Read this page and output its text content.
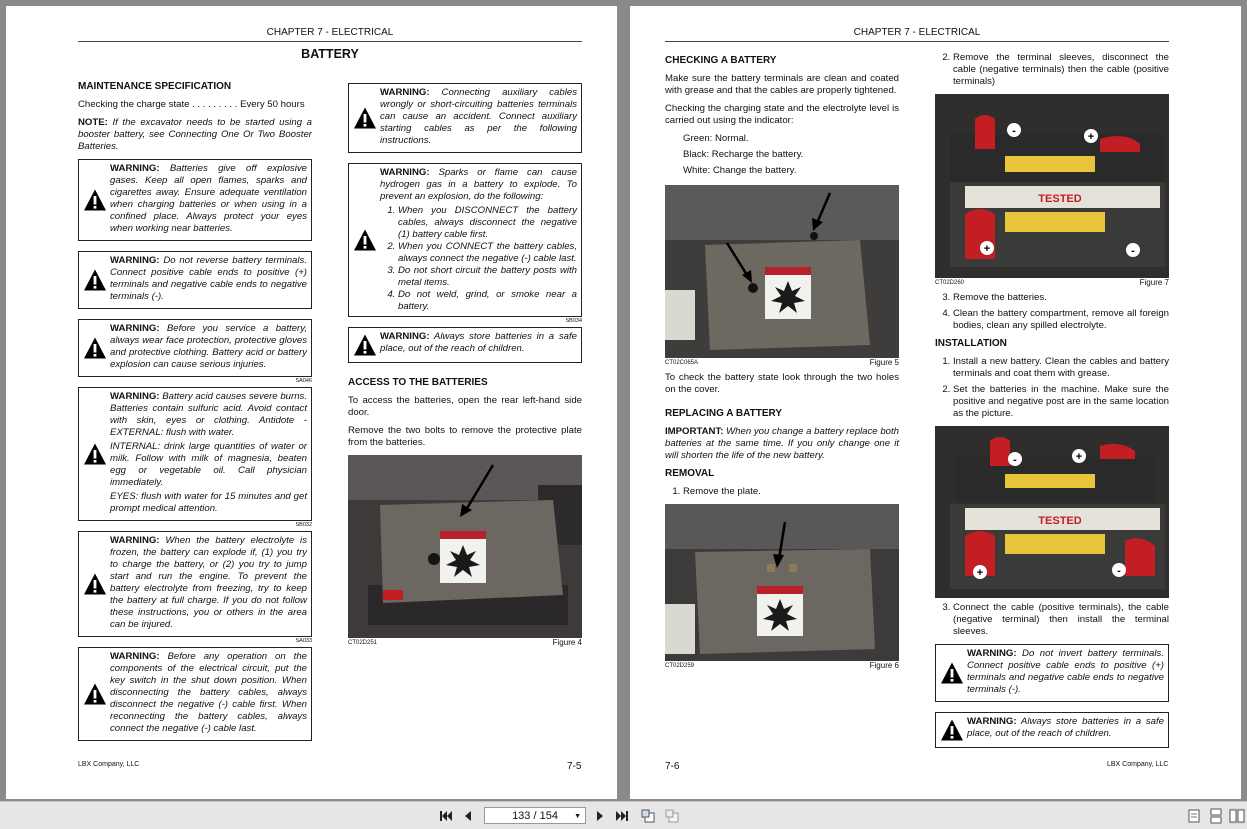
CHAPTER 7 - ELECTRICAL
BATTERY
MAINTENANCE SPECIFICATION

Checking the charge state . . . . . . . . . Every 50 hours

NOTE: If the excavator needs to be started using a booster battery, see Connecting One Or Two Booster Batteries.

WARNING: Batteries give off explosive gases. Keep all open flames, sparks and cigarettes away. Ensure adequate ventilation when charging batteries or when using in a confined place. Always protect your eyes when working near batteries.

WARNING: Do not reverse battery terminals. Connect positive cable ends to positive (+) terminals and negative cable ends to negative terminals (-).

WARNING: Before you service a battery, always wear face protection, protective gloves and protective clothing. Battery acid or battery explosion can cause serious injuries.

SA046

WARNING: Battery acid causes severe burns. Batteries contain sulfuric acid. Avoid contact with skin, eyes or clothing. Antidote - EXTERNAL: flush with water.

INTERNAL: drink large quantities of water or milk. Follow with milk of magnesia, beaten egg or vegetable oil. Call physician immediately.

EYES: flush with water for 15 minutes and get prompt medical attention.

SB032

WARNING: When the battery electrolyte is frozen, the battery can explode if, (1) you try to charge the battery, or (2) you try to jump start and run the engine. To prevent the battery electrolyte from freezing, try to keep the battery at full charge. If you do not follow these instructions, you or others in the area can be injured.

SA033

WARNING: Before any operation on the components of the electrical circuit, put the key switch in the shut down position. When disconnecting the battery cables, always disconnect the negative (-) cable first. When reconnecting the battery cables, always connect the negative (-) cable last.

WARNING: Connecting auxiliary cables wrongly or short-circuiting batteries terminals can cause an accident. Connect auxiliary starting cables as per the following instructions.

WARNING: Sparks or flame can cause hydrogen gas in a battery to explode. To prevent an explosion, do the following:

1. When you DISCONNECT the battery cables, always disconnect the negative (1) battery cable first.
2. When you CONNECT the battery cables, always connect the negative (-) cable last.
3. Do not short circuit the battery posts with metal items.
4. Do not weld, grind, or smoke near a battery.
SB034

WARNING: Always store batteries in a safe place, out of the reach of children.

ACCESS TO THE BATTERIES

To access the batteries, open the rear left-hand side door.

Remove the two bolts to remove the protective plate from the batteries.

CT02D251	Figure 4
LBX Company, LLC	7-5
CHAPTER 7 - ELECTRICAL
CHECKING A BATTERY

Make sure the battery terminals are clean and coated with grease and that the cables are properly tightened.

Checking the charging state and the electrolyte level is carried out using the indicator:

Green: Normal.

Black: Recharge the battery.

White: Change the battery.

CT02C065A	Figure 5

To check the battery state look through the two holes on the cover.

REPLACING A BATTERY

IMPORTANT: When you change a battery replace both batteries at the same time. If you only change one it will shorten the life of the new battery.

REMOVAL
1. Remove the plate.
CT02D259	Figure 6
2. Remove the terminal sleeves, disconnect the cable (negative terminals) then the cable (positive terminals)
TESTED
-	+
+	-
CT02D260	Figure 7
3. Remove the batteries.
4. Clean the battery compartment, remove all foreign bodies, clean any spilled electrolyte.
INSTALLATION
1. Install a new battery. Clean the cables and battery terminals and coat them with grease.
2. Set the batteries in the machine. Make sure the positive and negative post are in the same location as the picture.
TESTED
-	+
+	-
3. Connect the cable (positive terminals), the cable (negative terminal) then install the terminal sleeves.

WARNING: Do not invert battery terminals. Connect positive cable ends to positive (+) terminals and negative cable ends to negative terminals (-).

WARNING: Always store batteries in a safe place, out of the reach of children.

7-6	LBX Company, LLC
133 / 154 ▼
